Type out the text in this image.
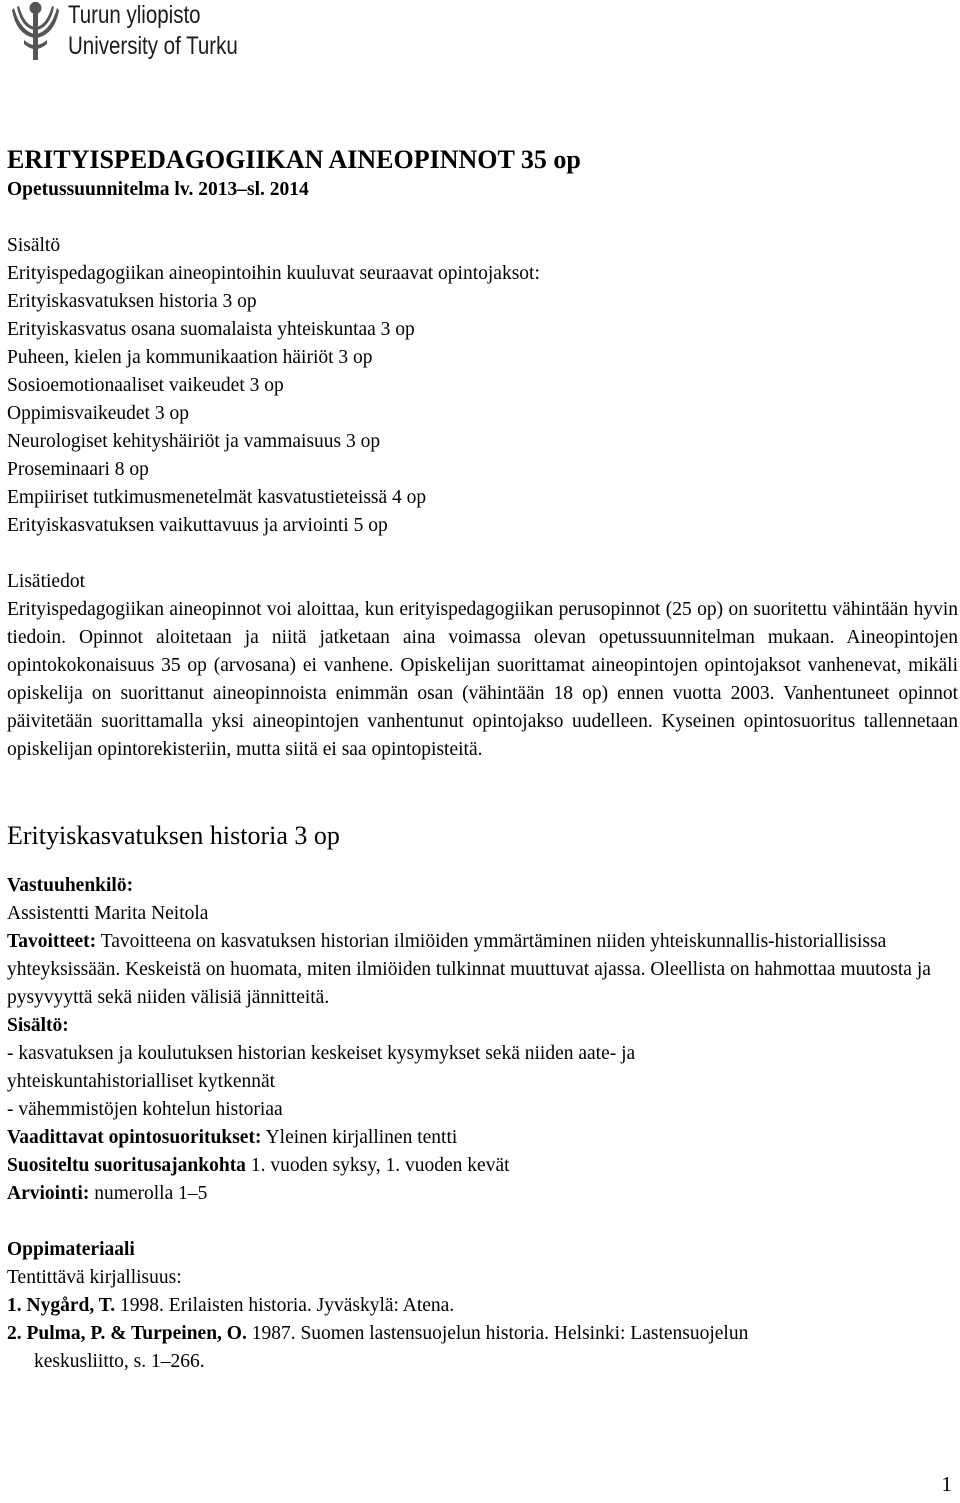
Turun yliopisto
University of Turku

ERITYISPEDAGOGIIKAN AINEOPINNOT 35 op

Opetussuunnitelma lv. 2013–sl. 2014

Sisältö

Erityispedagogiikan aineopintoihin kuuluvat seuraavat opintojaksot:

Erityiskasvatuksen historia 3 op

Erityiskasvatus osana suomalaista yhteiskuntaa 3 op

Puheen, kielen ja kommunikaation häiriöt 3 op

Sosioemotionaaliset vaikeudet 3 op

Oppimisvaikeudet 3 op

Neurologiset kehityshäiriöt ja vammaisuus 3 op

Proseminaari 8 op

Empiiriset tutkimusmenetelmät kasvatustieteissä 4 op

Erityiskasvatuksen vaikuttavuus ja arviointi 5 op

Lisätiedot

Erityispedagogiikan aineopinnot voi aloittaa, kun erityispedagogiikan perusopinnot (25 op) on suoritettu vähintään hyvin tiedoin. Opinnot aloitetaan ja niitä jatketaan aina voimassa olevan opetussuunnitelman mukaan. Aineopintojen opintokokonaisuus 35 op (arvosana) ei vanhene. Opiskelijan suorittamat aineopintojen opintojaksot vanhenevat, mikäli opiskelija on suorittanut aineopinnoista enimmän osan (vähintään 18 op) ennen vuotta 2003. Vanhentuneet opinnot päivitetään suorittamalla yksi aineopintojen vanhentunut opintojakso uudelleen. Kyseinen opintosuoritus tallennetaan opiskelijan opintorekisteriin, mutta siitä ei saa opintopisteitä.

Erityiskasvatuksen historia 3 op

Vastuuhenkilö:

Assistentti Marita Neitola

Tavoitteet: Tavoitteena on kasvatuksen historian ilmiöiden ymmärtäminen niiden yhteiskunnallis-historiallisissa yhteyksissään. Keskeistä on huomata, miten ilmiöiden tulkinnat muuttuvat ajassa. Oleellista on hahmottaa muutosta ja pysyvyyttä sekä niiden välisiä jännitteitä.

Sisältö:

- kasvatuksen ja koulutuksen historian keskeiset kysymykset sekä niiden aate- ja yhteiskuntahistorialliset kytkennät

- vähemmistöjen kohtelun historiaa

Vaadittavat opintosuoritukset: Yleinen kirjallinen tentti

Suositeltu suoritusajankohta 1. vuoden syksy, 1. vuoden kevät

Arviointi: numerolla 1–5

Oppimateriaali

Tentittävä kirjallisuus:

1. Nygård, T. 1998. Erilaisten historia. Jyväskylä: Atena.

2. Pulma, P. & Turpeinen, O. 1987. Suomen lastensuojelun historia. Helsinki: Lastensuojelun

keskusliitto, s. 1–266.

1
